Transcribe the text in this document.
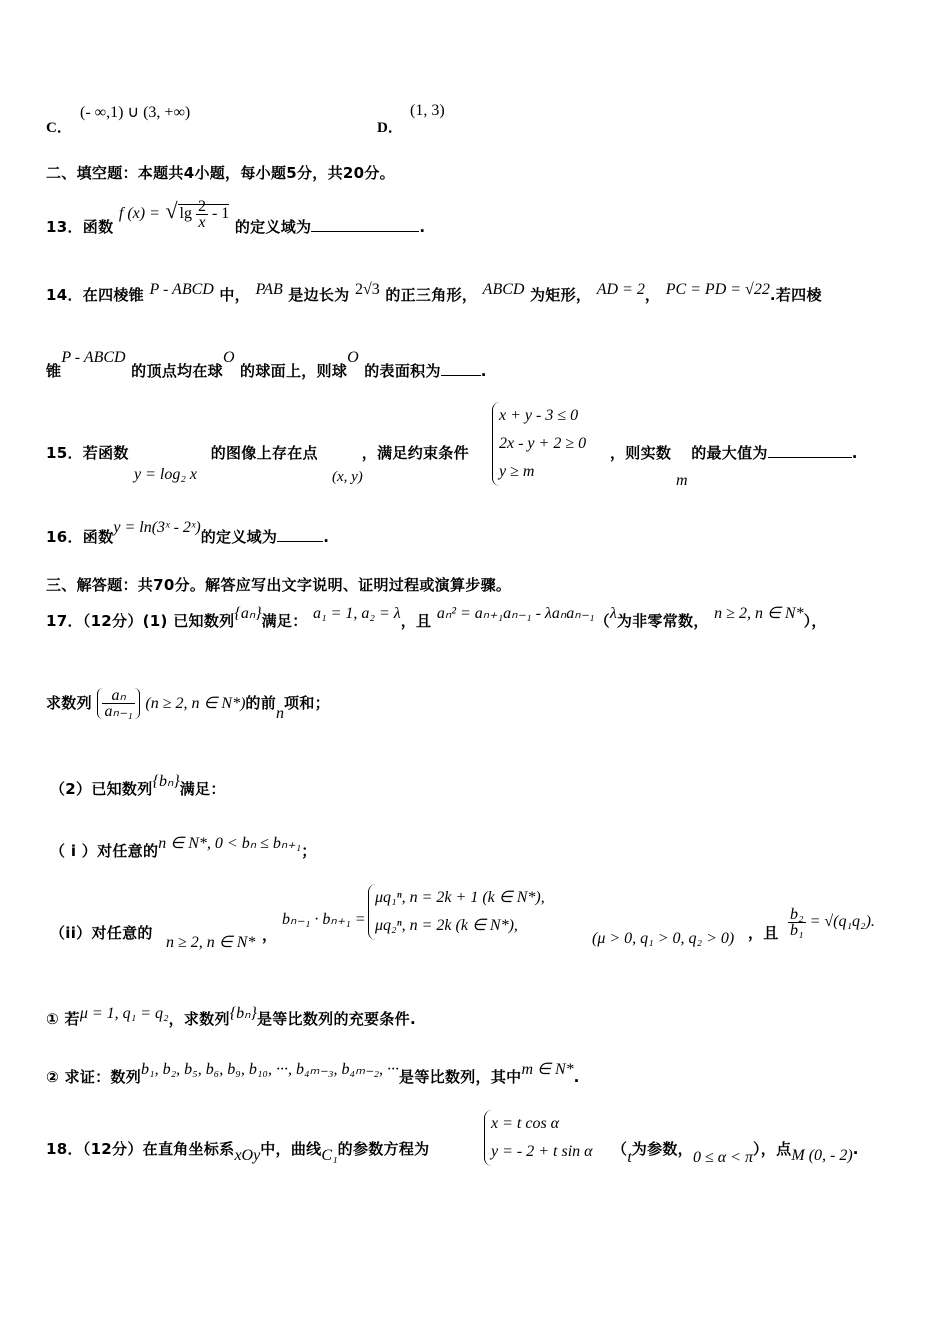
C．
(- ∞,1) ∪ (3, +∞)
D．
(1, 3)
二、填空题：本题共4小题，每小题5分，共20分。
13．函数 f (x) = √ $\lg \frac{2}{x} - 1$ 的定义域为	.
14．在四棱锥 P - ABCD 中， PAB 是边长为 2√3 的正三角形， ABCD 为矩形， AD = 2， PC = PD = √22.若四棱
锥P - ABCD 的顶点均在球O 的球面上，则球O 的表面积为	.
15．若函数	的图像上存在点	，满足约束条件
y = log₂ x	(x, y)
x + y - 3 ≤ 0
2x - y + 2 ≥ 0
y ≥ m
，则实数 的最大值为	.
m
16．函数y = ln(3ˣ - 2ˣ)的定义域为	.
三、解答题：共70分。解答应写出文字说明、证明过程或演算步骤。
17．（12分）(1) 已知数列{aₙ}满足： a₁ = 1, a₂ = λ，且 aₙ² = aₙ₊₁aₙ₋₁ - λaₙaₙ₋₁（λ为非零常数， n ≥ 2, n ∈ N*），
求数列 $\frac{\text{aₙ}}{\text{aₙ₋₁}} (n \ge 2$, n ∈ N*)的前n项和；
（2）已知数列{bₙ}满足：
（ i ）对任意的n ∈ N*, 0 < bₙ ≤ bₙ₊₁；
（ii）对任意的
n ≥ 2, n ∈ N* ，
bₙ₋₁ · bₙ₊₁ =
μq₁ⁿ, n = 2k + 1 (k ∈ N*),
μq₂ⁿ, n = 2k (k ∈ N*),
(μ > 0, q₁ > 0, q₂ > 0) ，且 $\frac{\text{b₂}}{\text{b₁}} = √(q_1q_2)$.
① 若μ = 1, q₁ = q₂，求数列{bₙ}是等比数列的充要条件.
② 求证：数列b₁, b₂, b₅, b₆, b₉, b₁₀, ···, b₄ₘ₋₃, b₄ₘ₋₂, ···是等比数列，其中m ∈ N*.
18．（12分）在直角坐标系xOy中，曲线C₁的参数方程为
x = t cos α
y = - 2 + t sin α （t为参数，0 ≤ α < π），点M (0, - 2).
